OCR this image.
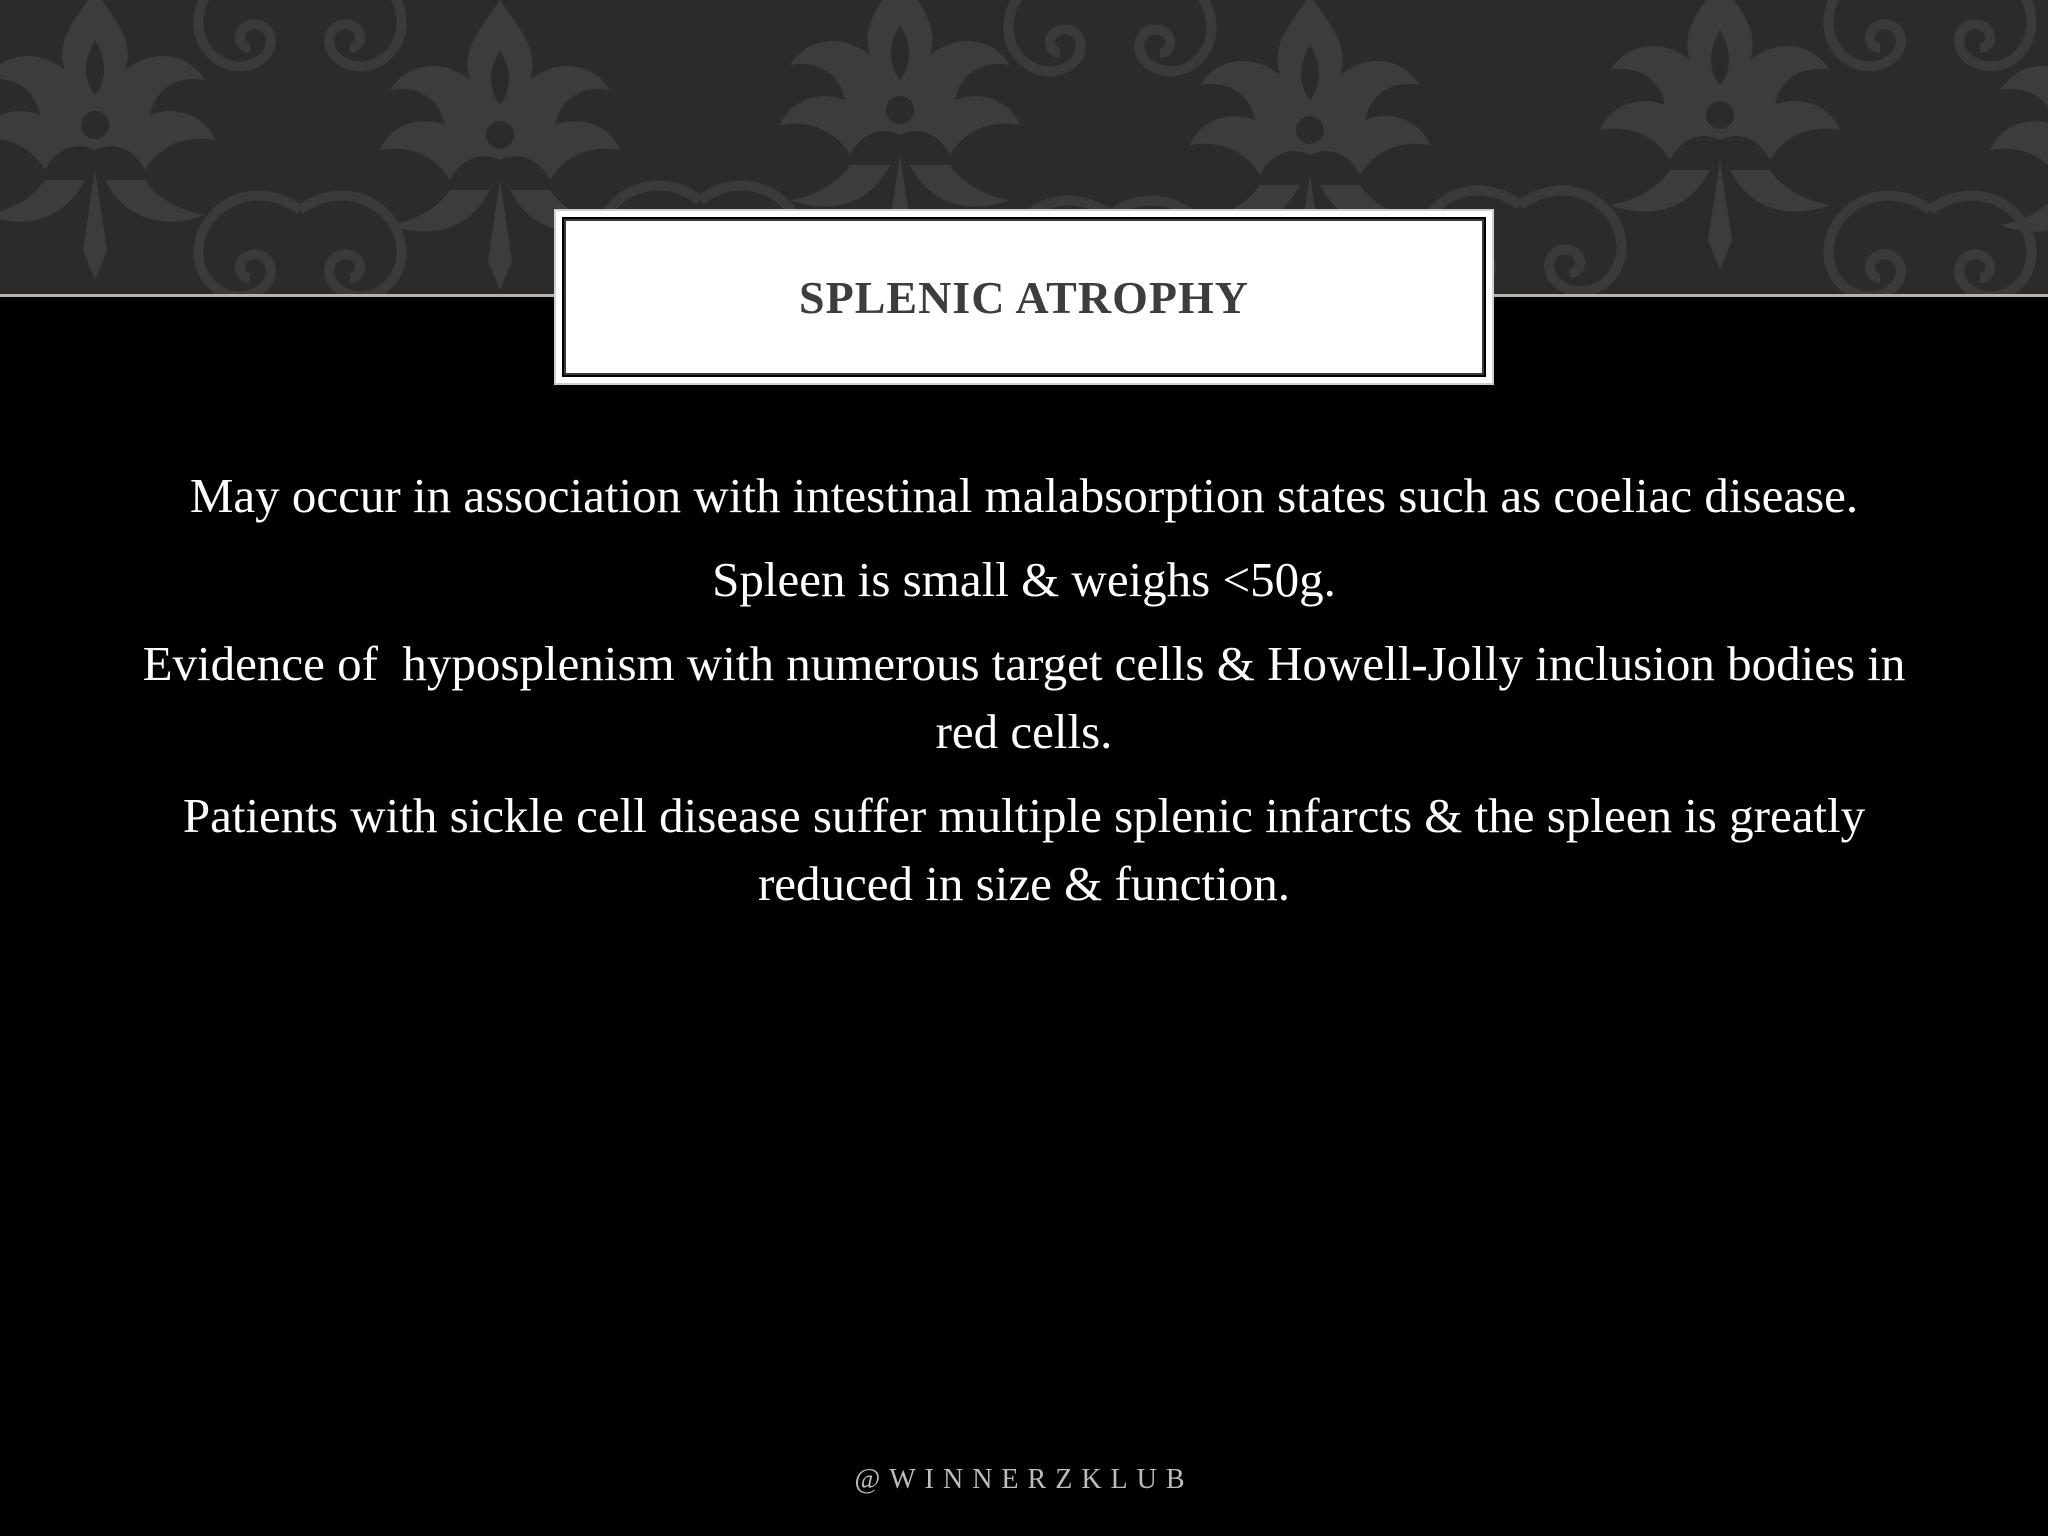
SPLENIC ATROPHY

May occur in association with intestinal malabsorption states such as coeliac disease.

Spleen is small & weighs <50g.

Evidence of  hyposplenism with numerous target cells & Howell-Jolly inclusion bodies in red cells.

Patients with sickle cell disease suffer multiple splenic infarcts & the spleen is greatly reduced in size & function.

@WINNERZKLUB
